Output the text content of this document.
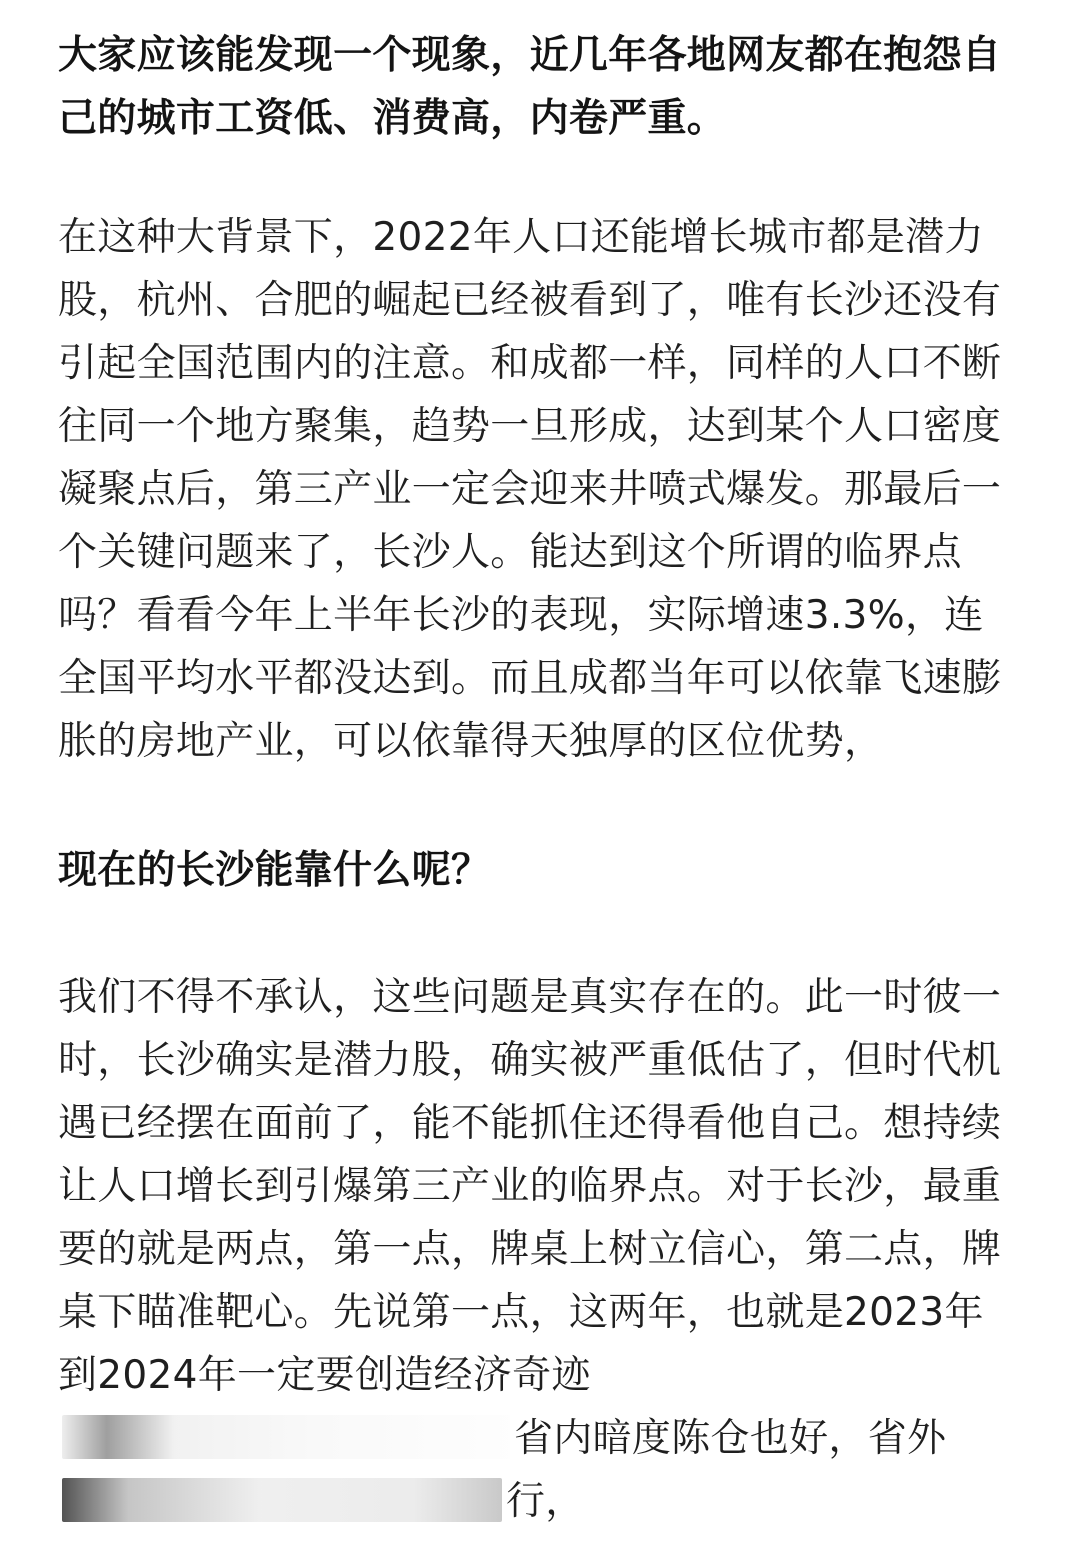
大家应该能发现一个现象，近几年各地网友都在抱怨自己的城市工资低、消费高，内卷严重。

在这种大背景下，2022年人口还能增长城市都是潜力股，杭州、合肥的崛起已经被看到了，唯有长沙还没有引起全国范围内的注意。和成都一样，同样的人口不断往同一个地方聚集，趋势一旦形成，达到某个人口密度凝聚点后，第三产业一定会迎来井喷式爆发。那最后一个关键问题来了，长沙人。能达到这个所谓的临界点吗？看看今年上半年长沙的表现，实际增速3.3%，连全国平均水平都没达到。而且成都当年可以依靠飞速膨胀的房地产业，可以依靠得天独厚的区位优势，

现在的长沙能靠什么呢？

我们不得不承认，这些问题是真实存在的。此一时彼一时，长沙确实是潜力股，确实被严重低估了，但时代机遇已经摆在面前了，能不能抓住还得看他自己。想持续让人口增长到引爆第三产业的临界点。对于长沙，最重要的就是两点，第一点，牌桌上树立信心，第二点，牌桌下瞄准靶心。先说第一点，这两年，也就是2023年到2024年一定要创造经济奇迹省内暗度陈仓也好，省外行，
